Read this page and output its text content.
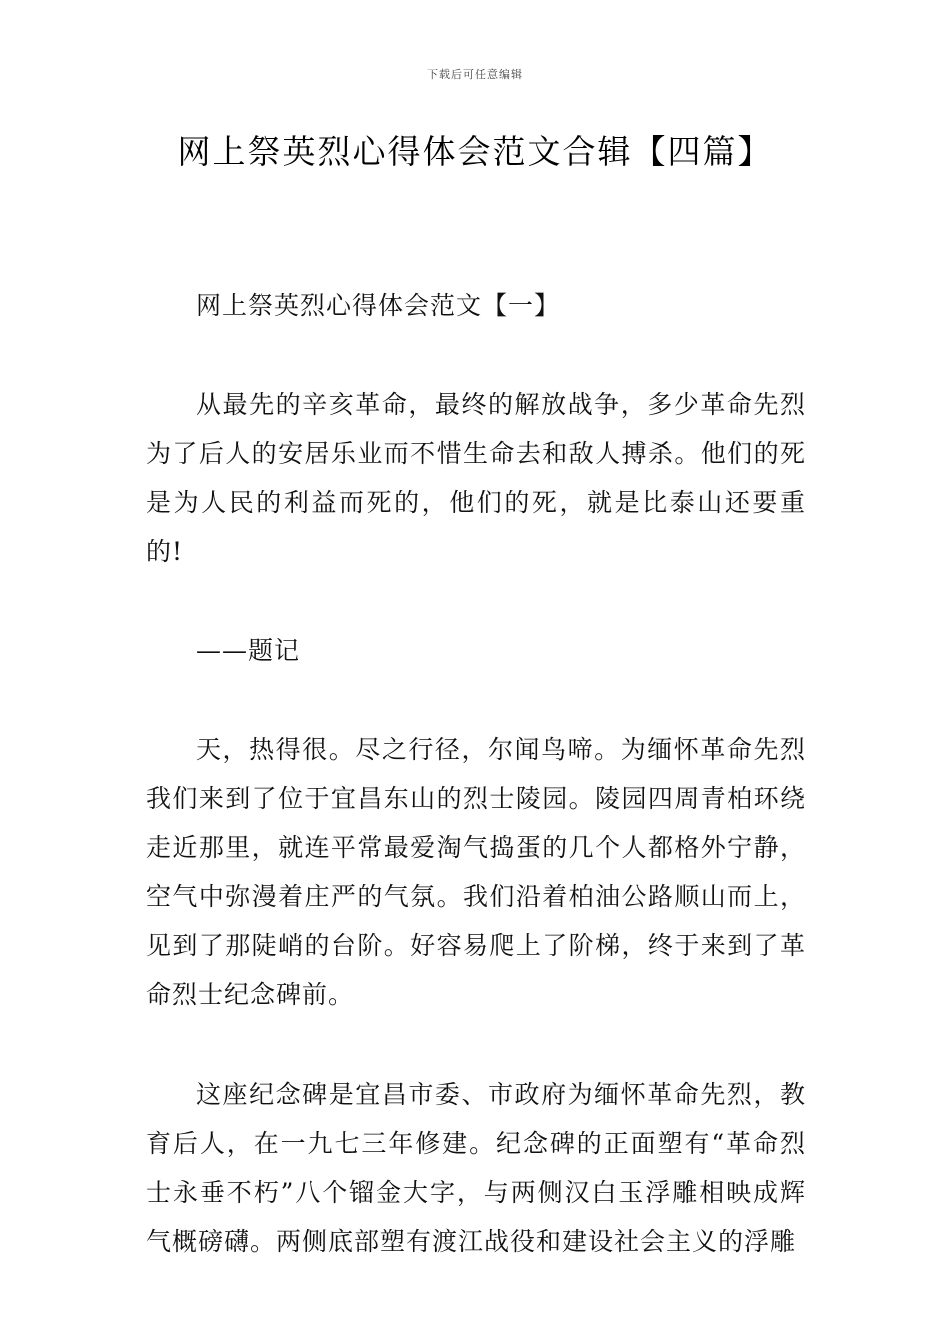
下载后可任意编辑
网上祭英烈心得体会范文合辑【四篇】

网上祭英烈心得体会范文【一】

从最先的辛亥革命，最终的解放战争，多少革命先烈为了后人的安居乐业而不惜生命去和敌人搏杀。他们的死是为人民的利益而死的，他们的死，就是比泰山还要重的!

——题记

天，热得很。尽之行径，尔闻鸟啼。为缅怀革命先烈我们来到了位于宜昌东山的烈士陵园。陵园四周青柏环绕走近那里，就连平常最爱淘气捣蛋的几个人都格外宁静，空气中弥漫着庄严的气氛。我们沿着柏油公路顺山而上，见到了那陡峭的台阶。好容易爬上了阶梯，终于来到了革命烈士纪念碑前。

这座纪念碑是宜昌市委、市政府为缅怀革命先烈，教育后人，在一九七三年修建。纪念碑的正面塑有“革命烈士永垂不朽”八个镏金大字，与两侧汉白玉浮雕相映成辉气概磅礴。两侧底部塑有渡江战役和建设社会主义的浮雕
